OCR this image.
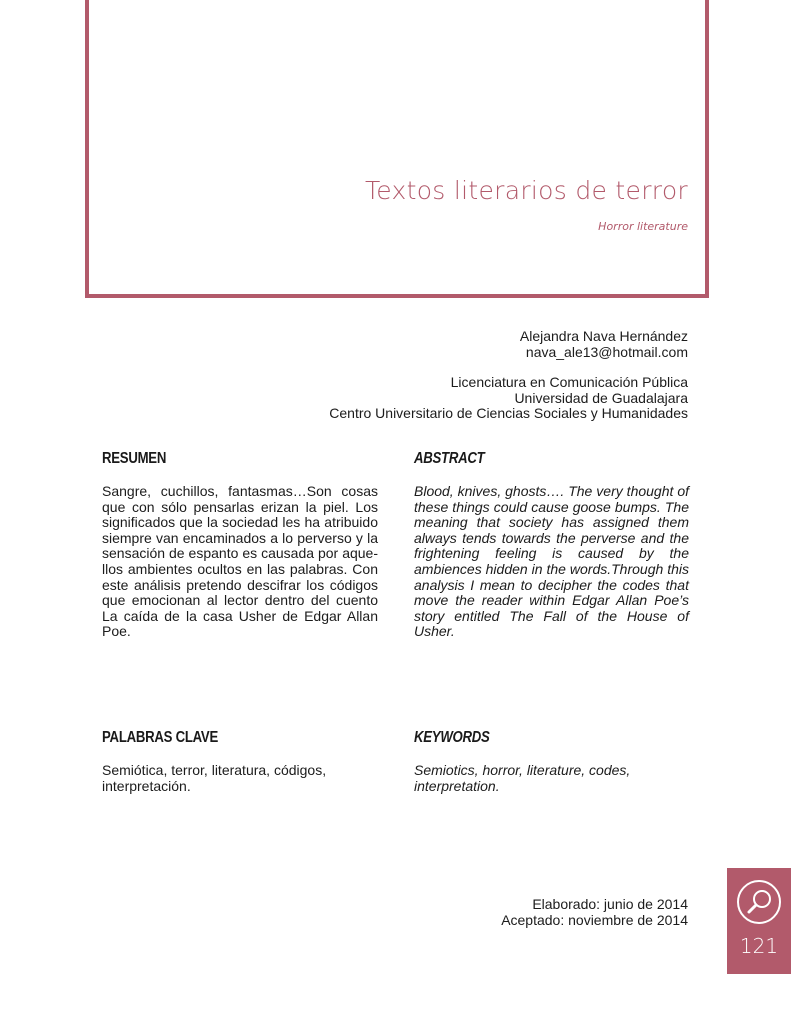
Textos literarios de terror
Horror literature
Alejandra Nava Hernández
nava_ale13@hotmail.com
Licenciatura en Comunicación Pública
Universidad de Guadalajara
Centro Universitario de Ciencias Sociales y Humanidades
RESUMEN	ABSTRACT
Sangre, cuchillos, fantasmas…Son cosas que con sólo pensarlas erizan la piel. Los significados que la sociedad les ha atribuido siempre van encaminados a lo perverso y la sensación de espanto es causada por aque-llos ambientes ocultos en las palabras. Con este análisis pretendo descifrar los códigos que emocionan al lector dentro del cuento La caída de la casa Usher de Edgar Allan Poe.
Blood, knives, ghosts…. The very thought of these things could cause goose bumps. The meaning that society has assigned them always tends towards the perverse and the frightening feeling is caused by the ambiences hidden in the words.Through this analysis I mean to decipher the codes that move the reader within Edgar Allan Poe’s story entitled The Fall of the House of Usher.
PALABRAS CLAVE	KEYWORDS
Semiótica, terror, literatura, códigos, interpretación.
Semiotics, horror, literature, codes, interpretation.
Elaborado: junio de 2014
Aceptado: noviembre de 2014
121
